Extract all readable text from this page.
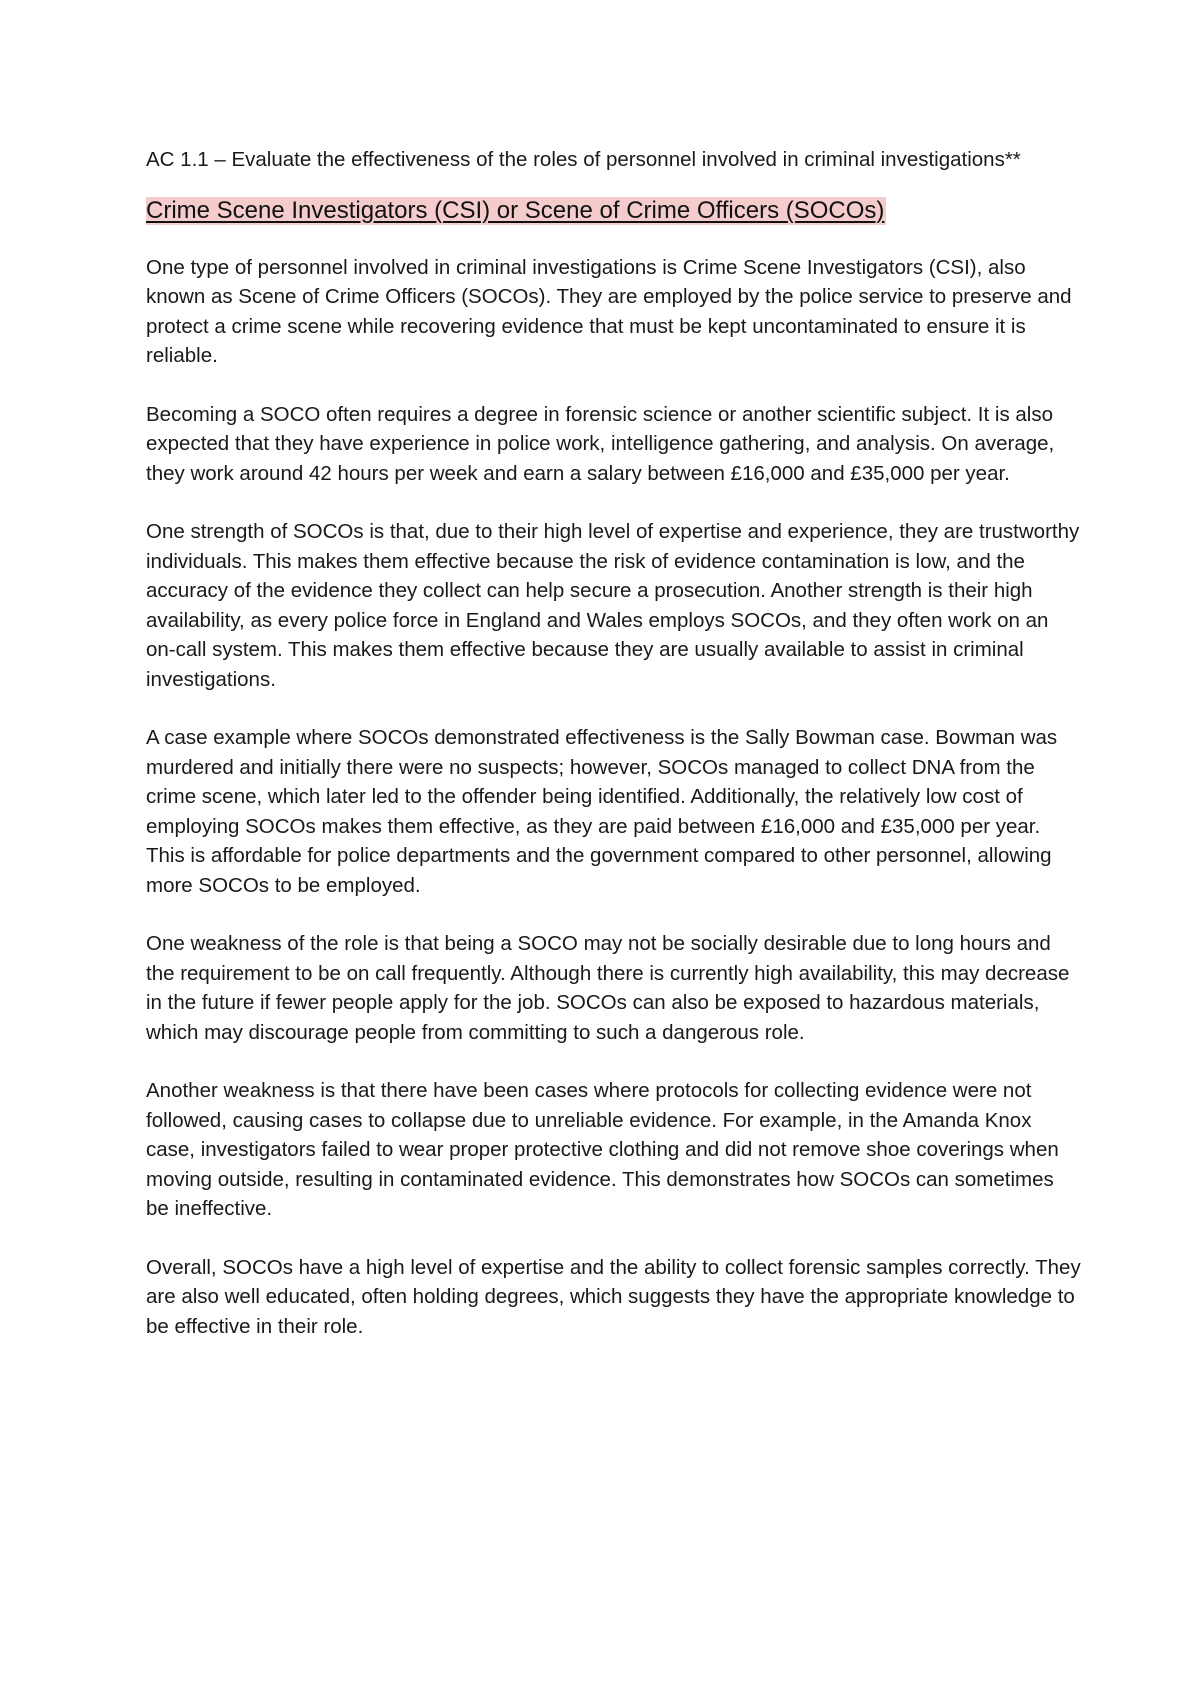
AC 1.1 – Evaluate the effectiveness of the roles of personnel involved in criminal investigations**

Crime Scene Investigators (CSI) or Scene of Crime Officers (SOCOs)

One type of personnel involved in criminal investigations is Crime Scene Investigators (CSI), also known as Scene of Crime Officers (SOCOs). They are employed by the police service to preserve and protect a crime scene while recovering evidence that must be kept uncontaminated to ensure it is reliable.

Becoming a SOCO often requires a degree in forensic science or another scientific subject. It is also expected that they have experience in police work, intelligence gathering, and analysis. On average, they work around 42 hours per week and earn a salary between £16,000 and £35,000 per year.

One strength of SOCOs is that, due to their high level of expertise and experience, they are trustworthy individuals. This makes them effective because the risk of evidence contamination is low, and the accuracy of the evidence they collect can help secure a prosecution. Another strength is their high availability, as every police force in England and Wales employs SOCOs, and they often work on an on-call system. This makes them effective because they are usually available to assist in criminal investigations.

A case example where SOCOs demonstrated effectiveness is the Sally Bowman case. Bowman was murdered and initially there were no suspects; however, SOCOs managed to collect DNA from the crime scene, which later led to the offender being identified. Additionally, the relatively low cost of employing SOCOs makes them effective, as they are paid between £16,000 and £35,000 per year. This is affordable for police departments and the government compared to other personnel, allowing more SOCOs to be employed.

One weakness of the role is that being a SOCO may not be socially desirable due to long hours and the requirement to be on call frequently. Although there is currently high availability, this may decrease in the future if fewer people apply for the job. SOCOs can also be exposed to hazardous materials, which may discourage people from committing to such a dangerous role.

Another weakness is that there have been cases where protocols for collecting evidence were not followed, causing cases to collapse due to unreliable evidence. For example, in the Amanda Knox case, investigators failed to wear proper protective clothing and did not remove shoe coverings when moving outside, resulting in contaminated evidence. This demonstrates how SOCOs can sometimes be ineffective.

Overall, SOCOs have a high level of expertise and the ability to collect forensic samples correctly. They are also well educated, often holding degrees, which suggests they have the appropriate knowledge to be effective in their role.
